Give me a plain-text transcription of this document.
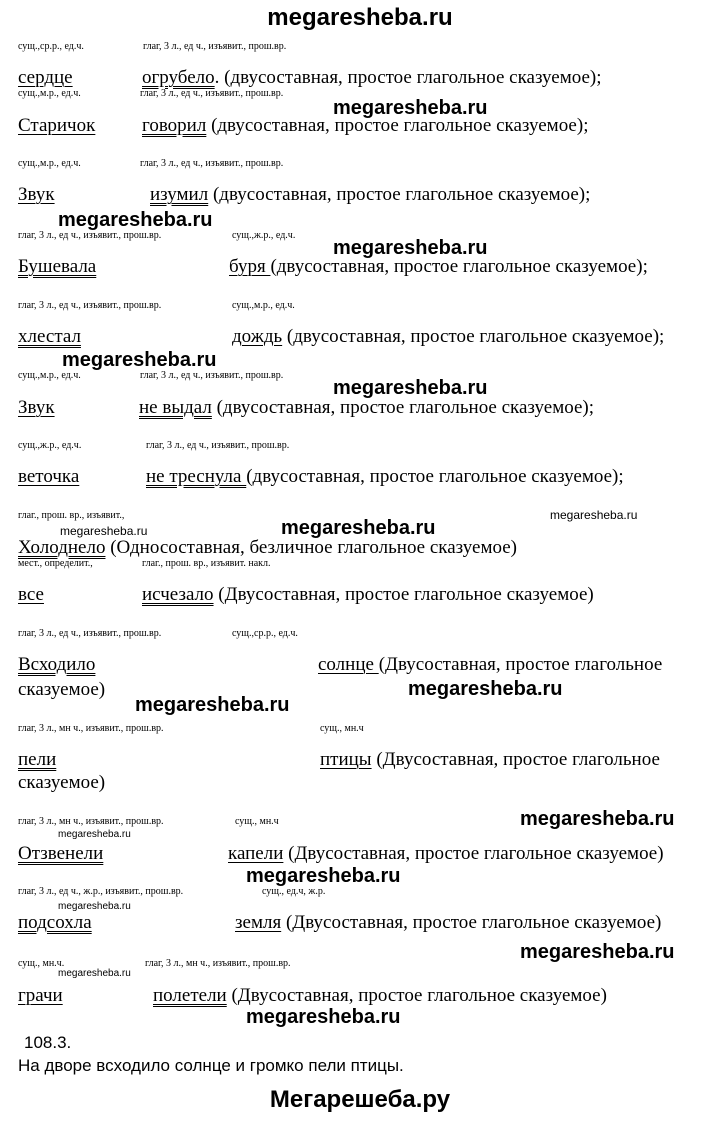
megaresheba.ru
сущ.,ср.р., ед.ч.	глаг, 3 л., ед ч., изъявит., прош.вр.
сердце	огрубело. (двусоставная, простое глагольное сказуемое);
сущ.,м.р., ед.ч.	глаг, 3 л., ед ч., изъявит., прош.вр.
Старичок говорил (двусоставная, простое глагольное сказуемое);
сущ.,м.р., ед.ч.	глаг, 3 л., ед ч., изъявит., прош.вр.
Звук	изумил (двусоставная, простое глагольное сказуемое);
глаг, 3 л., ед ч., изъявит., прош.вр.	сущ.,ж.р., ед.ч.
Бушевала	буря (двусоставная, простое глагольное сказуемое);
глаг, 3 л., ед ч., изъявит., прош.вр.	сущ.,м.р., ед.ч.
хлестал	дождь (двусоставная, простое глагольное сказуемое);
сущ.,м.р., ед.ч.	глаг, 3 л., ед ч., изъявит., прош.вр.
Звук	не выдал (двусоставная, простое глагольное сказуемое);
сущ.,ж.р., ед.ч.	глаг, 3 л., ед ч., изъявит., прош.вр.
веточка	не треснула (двусоставная, простое глагольное сказуемое);
глаг., прош. вр., изъявит.,
Холоднело (Односоставная, безличное глагольное сказуемое)
мест., определит.,	глаг., прош. вр., изъявит. накл.
все	исчезало (Двусоставная, простое глагольное сказуемое)
глаг, 3 л., ед ч., изъявит., прош.вр.	сущ.,ср.р., ед.ч.
Всходило	солнце (Двусоставная, простое глагольное
сказуемое)
глаг, 3 л., мн ч., изъявит., прош.вр.	сущ., мн.ч
пели	птицы (Двусоставная, простое глагольное
сказуемое)
глаг, 3 л., мн ч., изъявит., прош.вр.	сущ., мн.ч
Отзвенели	капели (Двусоставная, простое глагольное сказуемое)
глаг, 3 л., ед ч., ж.р., изъявит., прош.вр.	сущ., ед.ч, ж.р.
подсохла	земля (Двусоставная, простое глагольное сказуемое)
сущ., мн.ч.	глаг, 3 л., мн ч., изъявит., прош.вр.
грачи	полетели (Двусоставная, простое глагольное сказуемое)
108.3.
На дворе всходило солнце и громко пели птицы.
megaresheba.ru
megaresheba.ru
megaresheba.ru
megaresheba.ru
megaresheba.ru
megaresheba.ru	megaresheba.ru
megaresheba.ru
megaresheba.ru
megaresheba.ru
megaresheba.ru
megaresheba.ru
megaresheba.ru
megaresheba.ru
megaresheba.ru
megaresheba.ru
megaresheba.ru
Мегарешеба.ру
